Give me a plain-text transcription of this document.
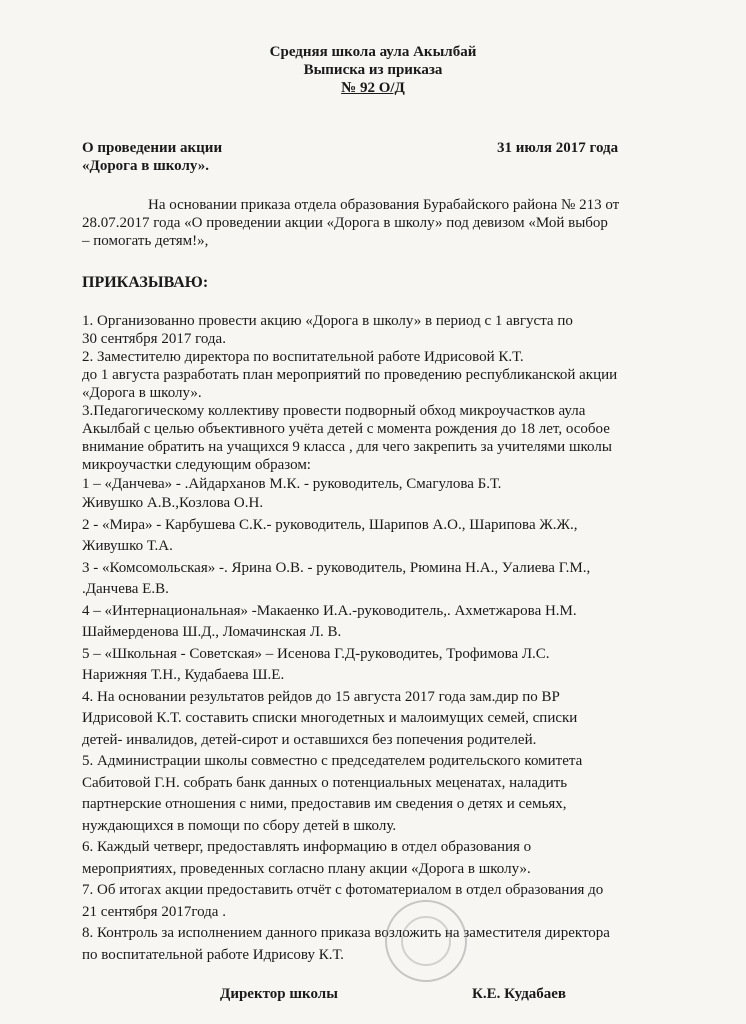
Средняя школа аула Акылбай
Выписка из приказа
№ 92 О/Д
О проведении акции
«Дорога в школу».
31 июля 2017 года
На основании приказа отдела образования Бурабайского района № 213 от
28.07.2017 года «О проведении акции «Дорога в школу» под девизом «Мой выбор
– помогать детям!»,
ПРИКАЗЫВАЮ:
1. Организованно провести акцию «Дорога в школу» в период с 1 августа по
30 сентября 2017 года.
2. Заместителю директора по воспитательной работе Идрисовой К.Т.
до 1 августа разработать план мероприятий по проведению республиканской акции
«Дорога в школу».
3.Педагогическому коллективу провести подворный обход микроучастков аула
Акылбай с целью объективного учёта детей с момента рождения до 18 лет, особое
внимание обратить на учащихся 9 класса , для чего закрепить за учителями школы
микроучастки следующим образом:
1 – «Данчева» - .Айдарханов М.К. - руководитель, Смагулова Б.Т.
Живушко А.В.,Козлова О.Н.
2 - «Мира» - Карбушева С.К.- руководитель, Шарипов А.О., Шарипова Ж.Ж.,
Живушко Т.А.
3 - «Комсомольская» -. Ярина О.В. - руководитель, Рюмина Н.А., Уалиева Г.М.,
.Данчева Е.В.
4 – «Интернациональная» -Макаенко И.А.-руководитель,. Ахметжарова Н.М.
Шаймерденова Ш.Д., Ломачинская Л. В.
5 – «Школьная - Советская» – Исенова Г.Д-руководитеь, Трофимова Л.С.
Нарижняя Т.Н., Кудабаева Ш.Е.
4. На основании результатов рейдов до 15 августа 2017 года зам.дир по ВР
Идрисовой К.Т. составить списки многодетных и малоимущих семей, списки
детей- инвалидов, детей-сирот и оставшихся без попечения родителей.
5. Администрации школы совместно с председателем родительского комитета
Сабитовой Г.Н. собрать банк данных о потенциальных меценатах, наладить
партнерские отношения с ними, предоставив им сведения о детях и семьях,
нуждающихся в помощи по сбору детей в школу.
6. Каждый четверг, предоставлять информацию в отдел образования о
мероприятиях, проведенных согласно плану акции «Дорога в школу».
7. Об итогах акции предоставить отчёт с фотоматериалом в отдел образования до
21 сентября 2017года .
8. Контроль за исполнением данного приказа возложить на заместителя директора
по воспитательной работе Идрисову К.Т.
Директор школы	К.Е. Кудабаев
